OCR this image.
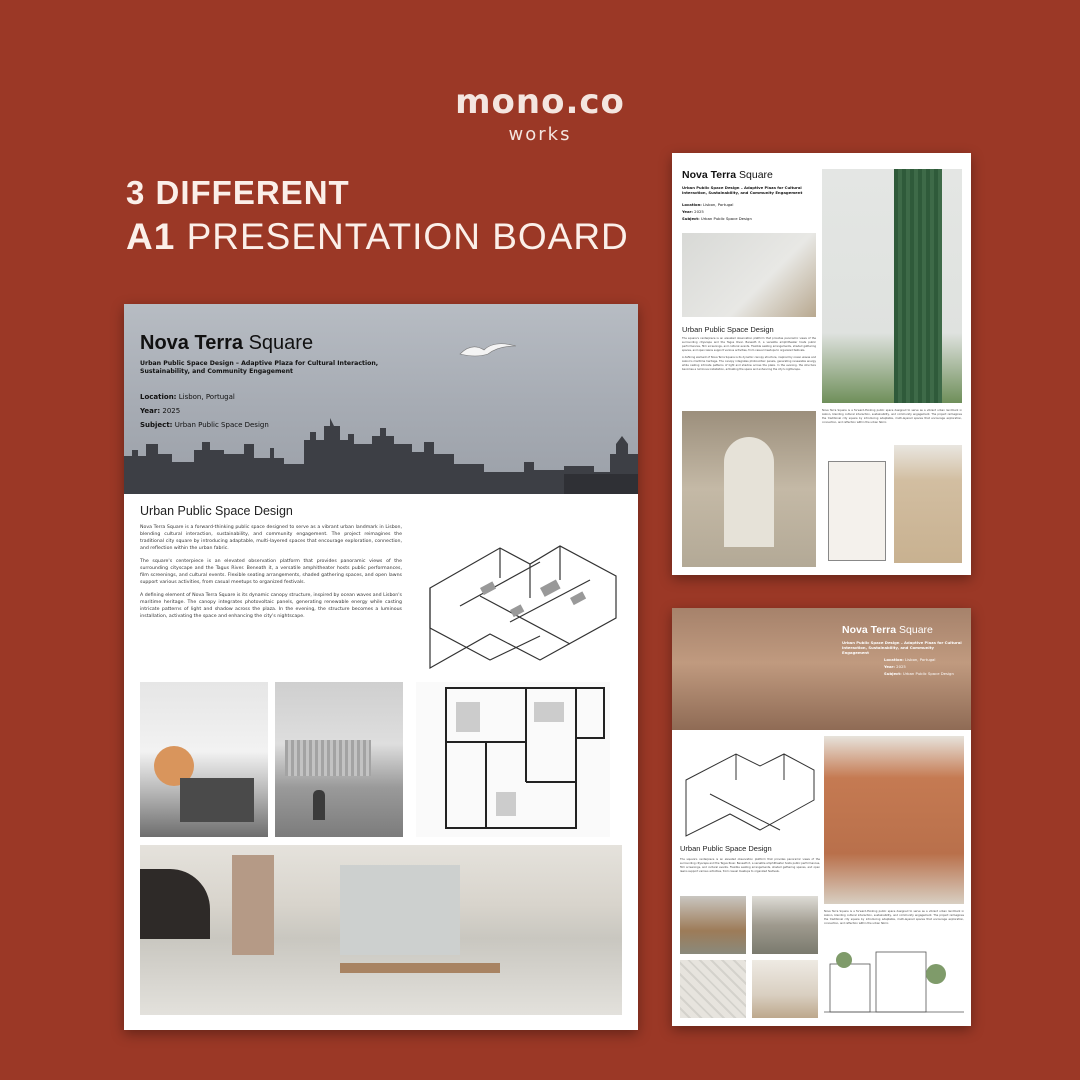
mono.co
works
3 DIFFERENT
A1 PRESENTATION BOARD
Nova Terra Square
Urban Public Space Design – Adaptive Plaza for Cultural Interaction, Sustainability, and Community Engagement
Location: Lisbon, Portugal
Year: 2025
Subject: Urban Public Space Design
Urban Public Space Design

Nova Terra Square is a forward-thinking public space designed to serve as a vibrant urban landmark in Lisbon, blending cultural interaction, sustainability, and community engagement. The project reimagines the traditional city square by introducing adaptable, multi-layered spaces that encourage exploration, connection, and reflection within the urban fabric.

The square's centerpiece is an elevated observation platform that provides panoramic views of the surrounding cityscape and the Tagus River. Beneath it, a versatile amphitheater hosts public performances, film screenings, and cultural events. Flexible seating arrangements, shaded gathering spaces, and open lawns support various activities, from casual meetups to organized festivals.

A defining element of Nova Terra Square is its dynamic canopy structure, inspired by ocean waves and Lisbon's maritime heritage. The canopy integrates photovoltaic panels, generating renewable energy while casting intricate patterns of light and shadow across the plaza. In the evening, the structure becomes a luminous installation, activating the space and enhancing the city's nightscape.

Nova Terra Square
Urban Public Space Design – Adaptive Plaza for Cultural Interaction, Sustainability, and Community Engagement
Location: Lisbon, Portugal
Year: 2025
Subject: Urban Public Space Design
Urban Public Space Design

The square's centerpiece is an elevated observation platform that provides panoramic views of the surrounding cityscape and the Tagus River. Beneath it, a versatile amphitheater hosts public performances, film screenings, and cultural events. Flexible seating arrangements, shaded gathering spaces, and open lawns support various activities, from casual meetups to organized festivals.

A defining element of Nova Terra Square is its dynamic canopy structure, inspired by ocean waves and Lisbon's maritime heritage. The canopy integrates photovoltaic panels, generating renewable energy while casting intricate patterns of light and shadow across the plaza. In the evening, the structure becomes a luminous installation, activating the space and enhancing the city's nightscape.

Nova Terra Square is a forward-thinking public space designed to serve as a vibrant urban landmark in Lisbon, blending cultural interaction, sustainability, and community engagement. The project reimagines the traditional city square by introducing adaptable, multi-layered spaces that encourage exploration, connection, and reflection within the urban fabric.

Nova Terra Square
Urban Public Space Design – Adaptive Plaza for Cultural Interaction, Sustainability, and Community Engagement
Location: Lisbon, Portugal
Year: 2025
Subject: Urban Public Space Design
Urban Public Space Design

The square's centerpiece is an elevated observation platform that provides panoramic views of the surrounding cityscape and the Tagus River. Beneath it, a versatile amphitheater hosts public performances, film screenings, and cultural events. Flexible seating arrangements, shaded gathering spaces, and open lawns support various activities, from casual meetups to organized festivals.

Nova Terra Square is a forward-thinking public space designed to serve as a vibrant urban landmark in Lisbon, blending cultural interaction, sustainability, and community engagement. The project reimagines the traditional city square by introducing adaptable, multi-layered spaces that encourage exploration, connection, and reflection within the urban fabric.
